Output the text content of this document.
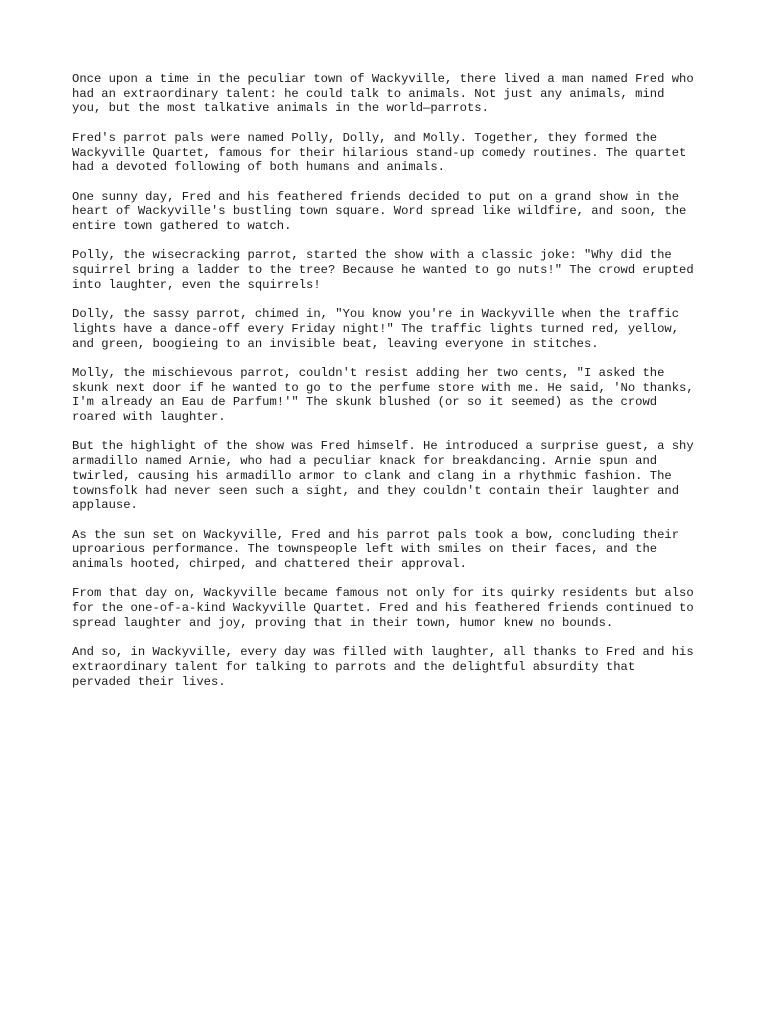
Once upon a time in the peculiar town of Wackyville, there lived a man named Fred who had an extraordinary talent: he could talk to animals. Not just any animals, mind you, but the most talkative animals in the world—parrots.

Fred's parrot pals were named Polly, Dolly, and Molly. Together, they formed the Wackyville Quartet, famous for their hilarious stand-up comedy routines. The quartet had a devoted following of both humans and animals.

One sunny day, Fred and his feathered friends decided to put on a grand show in the heart of Wackyville's bustling town square. Word spread like wildfire, and soon, the entire town gathered to watch.

Polly, the wisecracking parrot, started the show with a classic joke: "Why did the squirrel bring a ladder to the tree? Because he wanted to go nuts!" The crowd erupted into laughter, even the squirrels!

Dolly, the sassy parrot, chimed in, "You know you're in Wackyville when the traffic lights have a dance-off every Friday night!" The traffic lights turned red, yellow, and green, boogieing to an invisible beat, leaving everyone in stitches.

Molly, the mischievous parrot, couldn't resist adding her two cents, "I asked the skunk next door if he wanted to go to the perfume store with me. He said, 'No thanks, I'm already an Eau de Parfum!'" The skunk blushed (or so it seemed) as the crowd roared with laughter.

But the highlight of the show was Fred himself. He introduced a surprise guest, a shy armadillo named Arnie, who had a peculiar knack for breakdancing. Arnie spun and twirled, causing his armadillo armor to clank and clang in a rhythmic fashion. The townsfolk had never seen such a sight, and they couldn't contain their laughter and applause.

As the sun set on Wackyville, Fred and his parrot pals took a bow, concluding their uproarious performance. The townspeople left with smiles on their faces, and the animals hooted, chirped, and chattered their approval.

From that day on, Wackyville became famous not only for its quirky residents but also for the one-of-a-kind Wackyville Quartet. Fred and his feathered friends continued to spread laughter and joy, proving that in their town, humor knew no bounds.

And so, in Wackyville, every day was filled with laughter, all thanks to Fred and his extraordinary talent for talking to parrots and the delightful absurdity that pervaded their lives.
